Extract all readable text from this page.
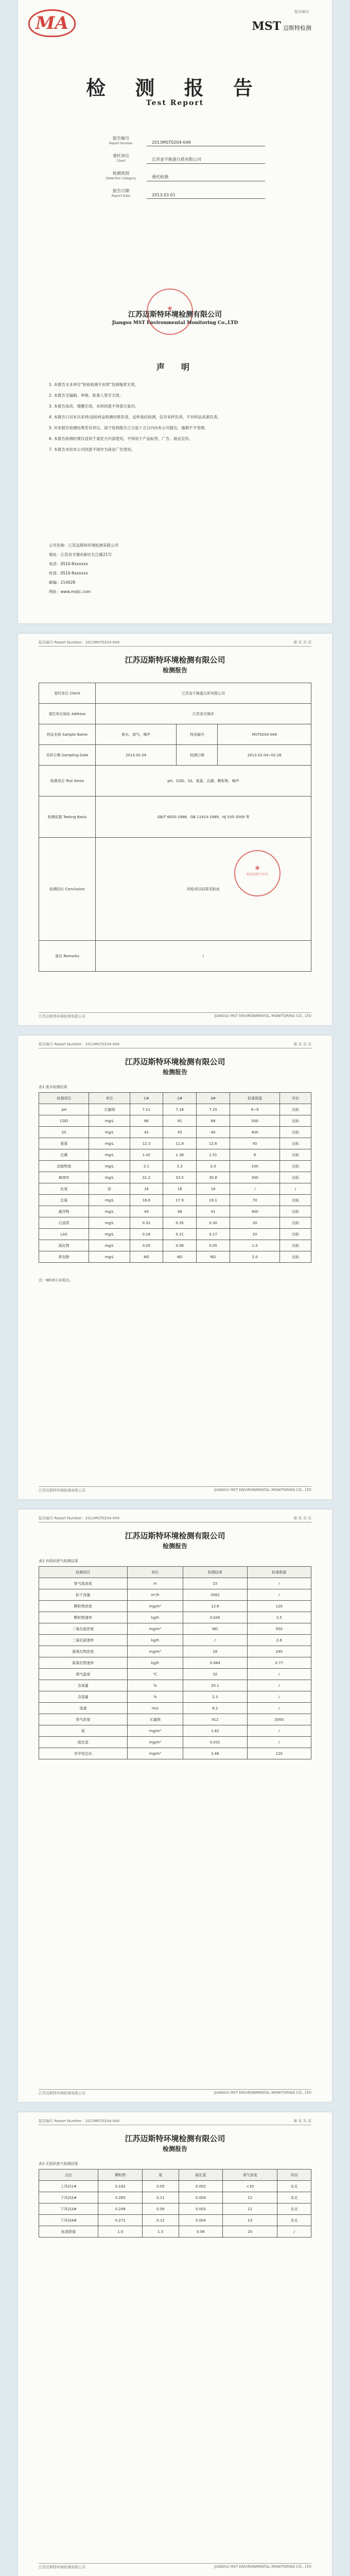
MA
报告编号：
MST 迈斯特检测
检 测 报 告
Test Report
报告编号
Report Number	2013MST0204-049
委托单位
Client	江苏金不换蛋白质有限公司
检测类别
Detection Category	委托检测
报告日期
Report Date	2013.03.01
★
江苏迈斯特环境检测有限公司
Jiangsu MST Environmental Monitoring Co.,LTD
声　明
1. 本报告无本单位"检验检测专用章"及骑缝章无效。
2. 本报告无编制、审核、批准人签字无效。
3. 本报告涂改、增删无效，未经同意不得部分复印。
4. 本报告只对本次采样/送检样品检测结果负责。送样委托检测，仅对来样负责，不对样品来源负责。
5. 对本报告检测结果若有异议，请于收到报告之日起十五日内向本公司提出，逾期不予受理。
6. 本报告检测结果仅适用于委托方内部使用，不得用于产品标签、广告、商业宣传。
7. 本报告未经本公司同意不得作为商业广告使用。
公司名称：江苏迈斯特环境检测有限公司
地址：江苏省无锡市新区长江路21号
电话：0510-8xxxxxx
传真：0510-8xxxxxx
邮编：214028
网址：www.mstjc.com
报告编号 Report Number：2013MST0204-049	第 页 共 页
江苏迈斯特环境检测有限公司
检测报告
委托单位 Client	江苏金不换蛋白质有限公司		
委托单位地址 Address	江苏省无锡市		
样品名称 Sample Name	废水、废气、噪声	样品编号	MST0204-049
采样日期 Sampling Date	2013.02.04	检测日期	2013.02.04~02.26
检测项目 Test Items	pH、COD、SS、氨氮、总磷、颗粒物、噪声		
检测依据 Testing Basis	GB/T 6920-1986、GB 11914-1989、HJ 535-2009 等		
检测结论 Conclusion	所检项目结果见附表		
备注 Remarks	/		
★
检验检测专用章
江苏迈斯特环境检测有限公司	JIANGSU MST ENVIRONMENTAL MONITORING CO., LTD
报告编号 Report Number：2013MST0204-049	第 页 共 页
江苏迈斯特环境检测有限公司
检测报告
表1 废水检测结果
检测项目	单位	1#	2#	3#	标准限值	评价
pH	无量纲	7.21	7.18	7.25	6~9	达标
COD	mg/L	86	91	88	500	达标
SS	mg/L	42	45	40	400	达标
氨氮	mg/L	12.3	11.8	12.6	45	达标
总磷	mg/L	1.42	1.38	1.51	8	达标
动植物油	mg/L	2.1	2.3	2.0	100	达标
BOD5	mg/L	31.2	33.5	30.8	300	达标
色度	倍	16	16	16	/	/
总氮	mg/L	18.6	17.9	19.1	70	达标
悬浮物	mg/L	44	46	41	400	达标
石油类	mg/L	0.32	0.35	0.30	20	达标
LAS	mg/L	0.18	0.21	0.17	20	达标
硫化物	mg/L	0.05	0.06	0.05	1.0	达标
挥发酚	mg/L	ND	ND	ND	2.0	达标
注：ND表示未检出。
江苏迈斯特环境检测有限公司	JIANGSU MST ENVIRONMENTAL MONITORING CO., LTD
报告编号 Report Number：2013MST0204-049	第 页 共 页
江苏迈斯特环境检测有限公司
检测报告
表2 有组织废气检测结果
检测项目	单位	检测结果	标准限值
排气筒高度	m	15	/
标干流量	m³/h	3562	/
颗粒物浓度	mg/m³	12.6	120
颗粒物速率	kg/h	0.045	3.5
二氧化硫浓度	mg/m³	ND	550
二氧化硫速率	kg/h	/	2.6
氮氧化物浓度	mg/m³	18	240
氮氧化物速率	kg/h	0.064	0.77
烟气温度	℃	32	/
含氧量	%	20.1	/
含湿量	%	2.3	/
流速	m/s	8.2	/
臭气浓度	无量纲	412	2000
氨	mg/m³	1.82	/
硫化氢	mg/m³	0.031	/
非甲烷总烃	mg/m³	3.46	120
江苏迈斯特环境检测有限公司	JIANGSU MST ENVIRONMENTAL MONITORING CO., LTD
报告编号 Report Number：2013MST0204-049	第 页 共 页
江苏迈斯特环境检测有限公司
检测报告
表3 无组织废气检测结果
点位	颗粒物	氨	硫化氢	臭气浓度	风向
上风向1#	0.182	0.05	0.002	<10	东北
下风向2#	0.265	0.11	0.004	12	东北
下风向3#	0.248	0.09	0.003	11	东北
下风向4#	0.271	0.12	0.004	13	东北
标准限值	1.0	1.5	0.06	20	/
江苏迈斯特环境检测有限公司	JIANGSU MST ENVIRONMENTAL MONITORING CO., LTD
